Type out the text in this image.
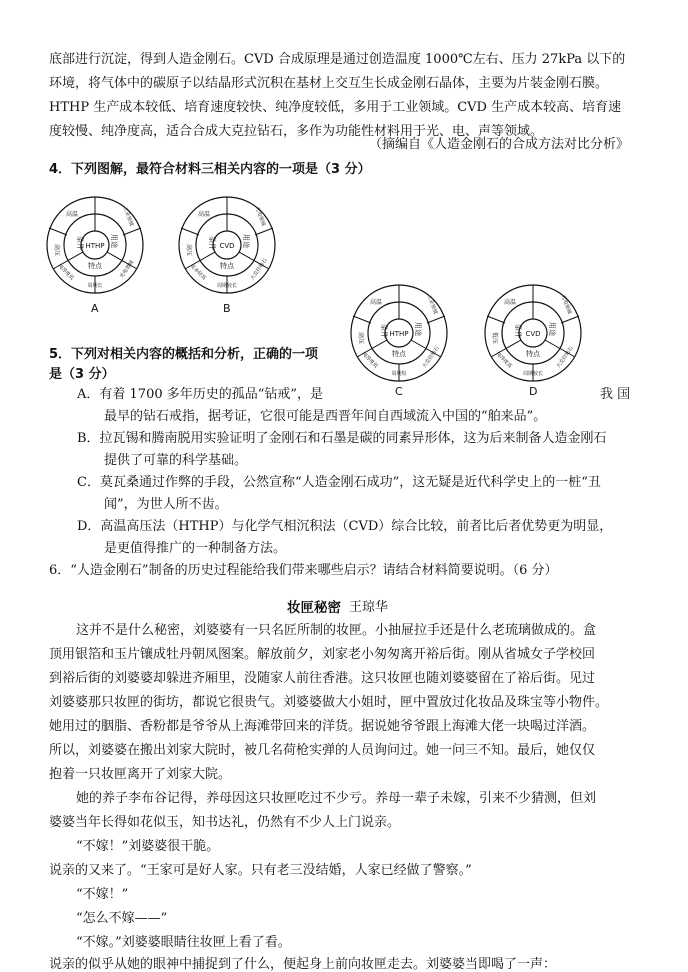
底部进行沉淀，得到人造金刚石。CVD 合成原理是通过创造温度 1000℃左右、压力 27kPa 以下的
环境，将气体中的碳原子以结晶形式沉积在基材上交互生长成金刚石晶体，主要为片装金刚石膜。
HTHP 生产成本较低、培育速度较快、纯净度较低，多用于工业领域。CVD 生产成本较高、培育速
度较慢、纯净度高，适合合成大克拉钻石，多作为功能性材料用于光、电、声等领域。
（摘编自《人造金刚石的合成方法对比分析》
4．下列图解，最符合材料三相关内容的一项是（3 分）
HTHP
条件	用途
特点
高温
高压
工业领域
光电领域
纯净度低
周期长
A
CVD
条件	用途
特点
高温
高压
光电领域
大克拉钻石
成本较高
周期较长
B
HTHP
条件	用途
特点
高温
高压
工业领域
大克拉钻石
纯净度低
周期短
C
CVD
条件	用途
特点
高温
低压
光电领域
大克拉钻石
纯净度高
周期较长
D
5．下列对相关内容的概括和分析，正确的一项
是（3 分）
A．有着 1700 多年历史的孤品“钻戒”，是	我 国
最早的钻石戒指，据考证，它很可能是西晋年间自西域流入中国的“舶来品”。
B．拉瓦锡和腾南脱用实验证明了金刚石和石墨是碳的同素异形体，这为后来制备人造金刚石
提供了可靠的科学基础。
C．莫瓦桑通过作弊的手段，公然宣称“人造金刚石成功”，这无疑是近代科学史上的一桩“丑
闻”，为世人所不齿。
D．高温高压法（HTHP）与化学气相沉积法（CVD）综合比较，前者比后者优势更为明显，
是更值得推广的一种制备方法。
6．“人造金刚石”制备的历史过程能给我们带来哪些启示？请结合材料简要说明。（6 分）
妆匣秘密 王琼华
这并不是什么秘密，刘婆婆有一只名匠所制的妆匣。小抽屉拉手还是什么老琉璃做成的。盒
顶用银箔和玉片镶成牡丹朝凤图案。解放前夕，刘家老小匆匆离开裕后街。刚从省城女子学校回
到裕后街的刘婆婆却躲进齐厢里，没随家人前往香港。这只妆匣也随刘婆婆留在了裕后街。见过
刘婆婆那只妆匣的街坊，都说它很贵气。刘婆婆做大小姐时，匣中置放过化妆品及珠宝等小物件。
她用过的胭脂、香粉都是爷爷从上海滩带回来的洋货。据说她爷爷跟上海滩大佬一块喝过洋酒。
所以，刘婆婆在搬出刘家大院时，被几名荷枪实弹的人员询问过。她一问三不知。最后，她仅仅
抱着一只妆匣离开了刘家大院。
她的养子李布谷记得，养母因这只妆匣吃过不少亏。养母一辈子未嫁，引来不少猜测，但刘
婆婆当年长得如花似玉，知书达礼，仍然有不少人上门说亲。
“不嫁！”刘婆婆很干脆。
说亲的又来了。“王家可是好人家。只有老三没结婚，人家已经做了警察。”
“不嫁！”
“怎么不嫁——”
“不嫁。”刘婆婆眼睛往妆匣上看了看。
说亲的似乎从她的眼神中捕捉到了什么，便起身上前向妆匣走去。刘婆婆当即喝了一声：
